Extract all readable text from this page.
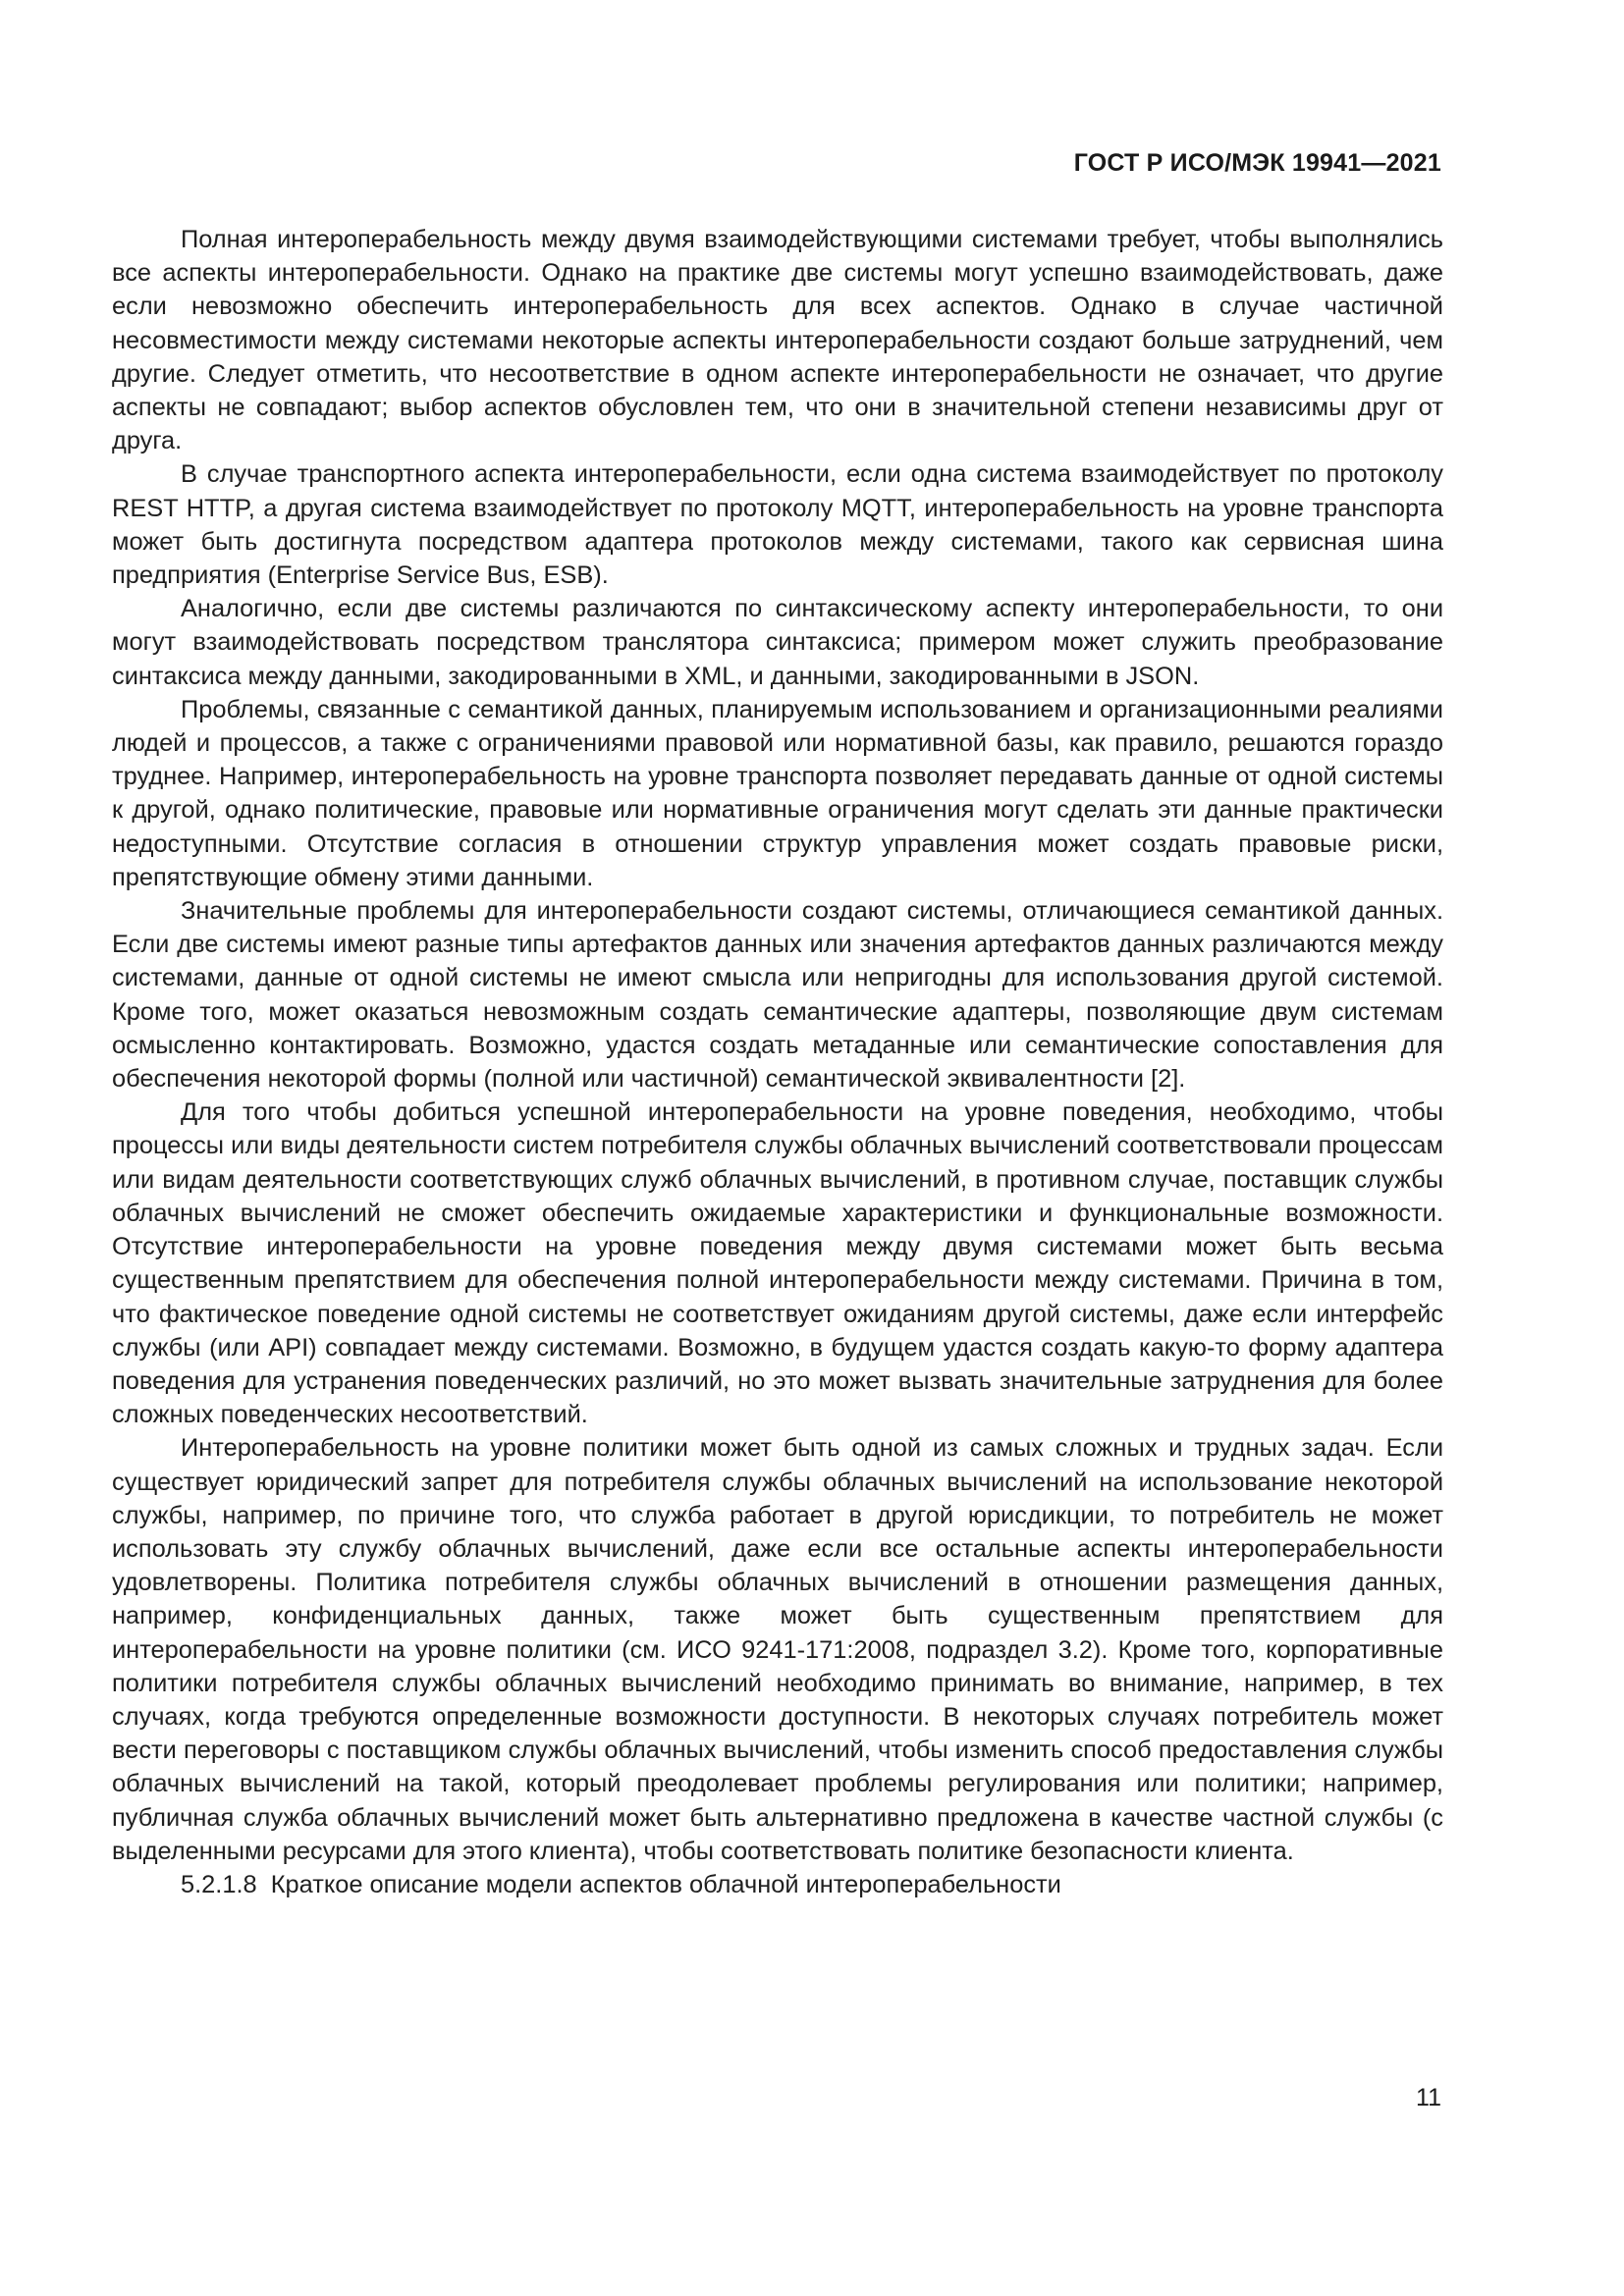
ГОСТ Р ИСО/МЭК 19941—2021

Полная интероперабельность между двумя взаимодействующими системами требует, чтобы выполнялись все аспекты интероперабельности. Однако на практике две системы могут успешно взаимодействовать, даже если невозможно обеспечить интероперабельность для всех аспектов. Однако в случае частичной несовместимости между системами некоторые аспекты интероперабельности создают больше затруднений, чем другие. Следует отметить, что несоответствие в одном аспекте интероперабельности не означает, что другие аспекты не совпадают; выбор аспектов обусловлен тем, что они в значительной степени независимы друг от друга.

В случае транспортного аспекта интероперабельности, если одна система взаимодействует по протоколу REST HTTP, а другая система взаимодействует по протоколу MQTT, интероперабельность на уровне транспорта может быть достигнута посредством адаптера протоколов между системами, такого как сервисная шина предприятия (Enterprise Service Bus, ESB).

Аналогично, если две системы различаются по синтаксическому аспекту интероперабельности, то они могут взаимодействовать посредством транслятора синтаксиса; примером может служить преобразование синтаксиса между данными, закодированными в XML, и данными, закодированными в JSON.

Проблемы, связанные с семантикой данных, планируемым использованием и организационными реалиями людей и процессов, а также с ограничениями правовой или нормативной базы, как правило, решаются гораздо труднее. Например, интероперабельность на уровне транспорта позволяет передавать данные от одной системы к другой, однако политические, правовые или нормативные ограничения могут сделать эти данные практически недоступными. Отсутствие согласия в отношении структур управления может создать правовые риски, препятствующие обмену этими данными.

Значительные проблемы для интероперабельности создают системы, отличающиеся семантикой данных. Если две системы имеют разные типы артефактов данных или значения артефактов данных различаются между системами, данные от одной системы не имеют смысла или непригодны для использования другой системой. Кроме того, может оказаться невозможным создать семантические адаптеры, позволяющие двум системам осмысленно контактировать. Возможно, удастся создать метаданные или семантические сопоставления для обеспечения некоторой формы (полной или частичной) семантической эквивалентности [2].

Для того чтобы добиться успешной интероперабельности на уровне поведения, необходимо, чтобы процессы или виды деятельности систем потребителя службы облачных вычислений соответствовали процессам или видам деятельности соответствующих служб облачных вычислений, в противном случае, поставщик службы облачных вычислений не сможет обеспечить ожидаемые характеристики и функциональные возможности. Отсутствие интероперабельности на уровне поведения между двумя системами может быть весьма существенным препятствием для обеспечения полной интероперабельности между системами. Причина в том, что фактическое поведение одной системы не соответствует ожиданиям другой системы, даже если интерфейс службы (или API) совпадает между системами. Возможно, в будущем удастся создать какую-то форму адаптера поведения для устранения поведенческих различий, но это может вызвать значительные затруднения для более сложных поведенческих несоответствий.

Интероперабельность на уровне политики может быть одной из самых сложных и трудных задач. Если существует юридический запрет для потребителя службы облачных вычислений на использование некоторой службы, например, по причине того, что служба работает в другой юрисдикции, то потребитель не может использовать эту службу облачных вычислений, даже если все остальные аспекты интероперабельности удовлетворены. Политика потребителя службы облачных вычислений в отношении размещения данных, например, конфиденциальных данных, также может быть существенным препятствием для интероперабельности на уровне политики (см. ИСО 9241-171:2008, подраздел 3.2). Кроме того, корпоративные политики потребителя службы облачных вычислений необходимо принимать во внимание, например, в тех случаях, когда требуются определенные возможности доступности. В некоторых случаях потребитель может вести переговоры с поставщиком службы облачных вычислений, чтобы изменить способ предоставления службы облачных вычислений на такой, который преодолевает проблемы регулирования или политики; например, публичная служба облачных вычислений может быть альтернативно предложена в качестве частной службы (с выделенными ресурсами для этого клиента), чтобы соответствовать политике безопасности клиента.

5.2.1.8 Краткое описание модели аспектов облачной интероперабельности
11
